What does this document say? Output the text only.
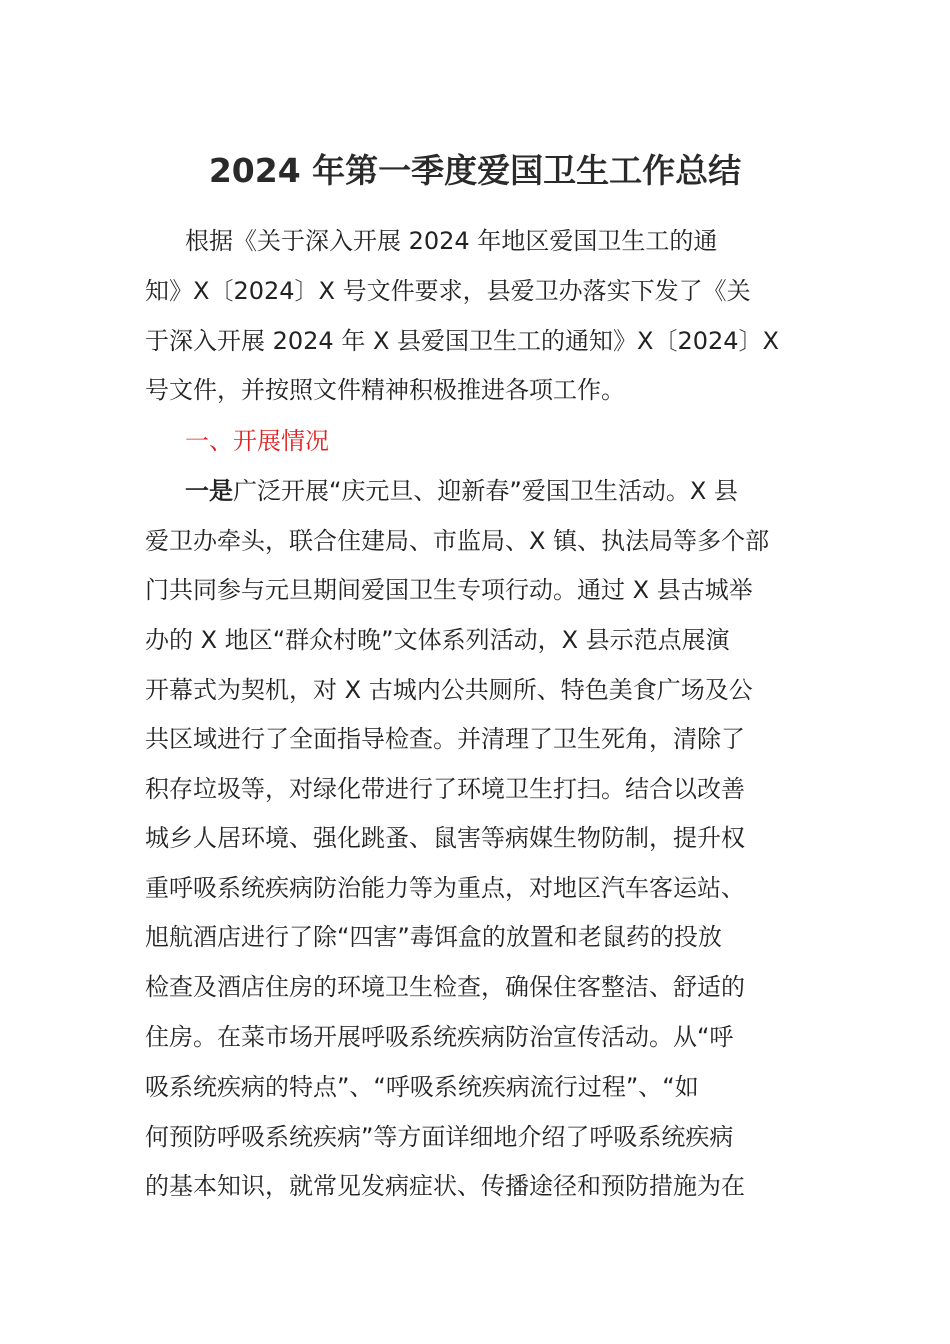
2024 年第一季度爱国卫生工作总结

根据《关于深入开展 2024 年地区爱国卫生工的通

知》X〔2024〕X 号文件要求，县爱卫办落实下发了《关

于深入开展 2024 年 X 县爱国卫生工的通知》X〔2024〕X

号文件，并按照文件精神积极推进各项工作。

一、开展情况

一是广泛开展“庆元旦、迎新春”爱国卫生活动。X 县

爱卫办牵头，联合住建局、市监局、X 镇、执法局等多个部

门共同参与元旦期间爱国卫生专项行动。通过 X 县古城举

办的 X 地区“群众村晚”文体系列活动，X 县示范点展演

开幕式为契机，对 X 古城内公共厕所、特色美食广场及公

共区域进行了全面指导检查。并清理了卫生死角，清除了

积存垃圾等，对绿化带进行了环境卫生打扫。结合以改善

城乡人居环境、强化跳蚤、鼠害等病媒生物防制，提升权

重呼吸系统疾病防治能力等为重点，对地区汽车客运站、

旭航酒店进行了除“四害”毒饵盒的放置和老鼠药的投放

检查及酒店住房的环境卫生检查，确保住客整洁、舒适的

住房。在菜市场开展呼吸系统疾病防治宣传活动。从“呼

吸系统疾病的特点”、“呼吸系统疾病流行过程”、“如

何预防呼吸系统疾病”等方面详细地介绍了呼吸系统疾病

的基本知识，就常见发病症状、传播途径和预防措施为在
